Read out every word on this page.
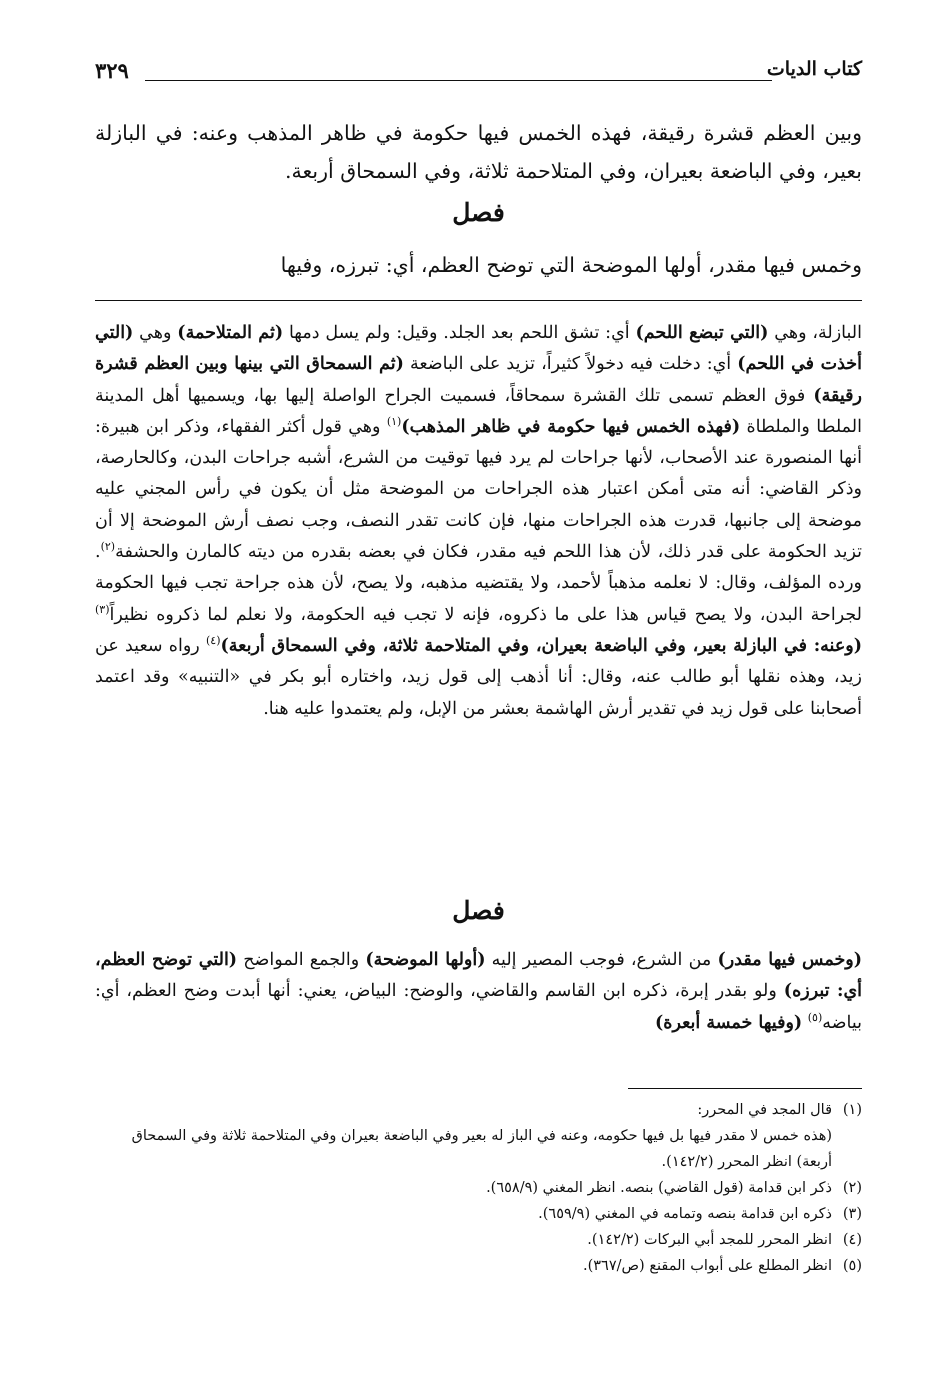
كتاب الديات
٣٢٩

وبين العظم قشرة رقيقة، فهذه الخمس فيها حكومة في ظاهر المذهب وعنه: في البازلة بعير، وفي الباضعة بعيران، وفي المتلاحمة ثلاثة، وفي السمحاق أربعة.

فصل

وخمس فيها مقدر، أولها الموضحة التي توضح العظم، أي: تبرزه، وفيها

البازلة، وهي (التي تبضع اللحم) أي: تشق اللحم بعد الجلد. وقيل: ولم يسل دمها (ثم المتلاحمة) وهي (التي أخذت في اللحم) أي: دخلت فيه دخولاً كثيراً، تزيد على الباضعة (ثم السمحاق التي بينها وبين العظم قشرة رقيقة) فوق العظم تسمى تلك القشرة سمحاقاً، فسميت الجراح الواصلة إليها بها، ويسميها أهل المدينة الملطا والملطاة (فهذه الخمس فيها حكومة في ظاهر المذهب)$^{(١)}$ وهي قول أكثر الفقهاء، وذكر ابن هبيرة: أنها المنصورة عند الأصحاب، لأنها جراحات لم يرد فيها توقيت من الشرع، أشبه جراحات البدن، وكالحارصة، وذكر القاضي: أنه متى أمكن اعتبار هذه الجراحات من الموضحة مثل أن يكون في رأس المجني عليه موضحة إلى جانبها، قدرت هذه الجراحات منها، فإن كانت تقدر النصف، وجب نصف أرش الموضحة إلا أن تزيد الحكومة على قدر ذلك، لأن هذا اللحم فيه مقدر، فكان في بعضه بقدره من ديته كالمارن والحشفة$^{(٢)}$. ورده المؤلف، وقال: لا نعلمه مذهباً لأحمد، ولا يقتضيه مذهبه، ولا يصح، لأن هذه جراحة تجب فيها الحكومة لجراحة البدن، ولا يصح قياس هذا على ما ذكروه، فإنه لا تجب فيه الحكومة، ولا نعلم لما ذكروه نظيراً$^{(٣)}$ (وعنه: في البازلة بعير، وفي الباضعة بعيران، وفي المتلاحمة ثلاثة، وفي السمحاق أربعة)$^{(٤)}$ رواه سعيد عن زيد، وهذه نقلها أبو طالب عنه، وقال: أنا أذهب إلى قول زيد، واختاره أبو بكر في «التنبيه» وقد اعتمد أصحابنا على قول زيد في تقدير أرش الهاشمة بعشر من الإبل، ولم يعتمدوا عليه هنا.

فصل

(وخمس فيها مقدر) من الشرع، فوجب المصير إليه (أولها الموضحة) والجمع المواضح (التي توضح العظم، أي: تبرزه) ولو بقدر إبرة، ذكره ابن القاسم والقاضي، والوضح: البياض، يعني: أنها أبدت وضح العظم، أي: بياضه$^{(٥)}$ (وفيها خمسة أبعرة)

(١)
قال المجد في المحرر:

(هذه خمس لا مقدر فيها بل فيها حكومه، وعنه في الباز له بعير وفي الباضعة بعيران وفي المتلاحمة ثلاثة وفي السمحاق أربعة) انظر المحرر (١٤٢/٢).

(٢)
ذكر ابن قدامة (قول القاضي) بنصه. انظر المغني (٦٥٨/٩).
(٣)
ذكره ابن قدامة بنصه وتمامه في المغني (٦٥٩/٩).
(٤)
انظر المحرر للمجد أبي البركات (١٤٢/٢).
(٥)
انظر المطلع على أبواب المقنع (ص/٣٦٧).
